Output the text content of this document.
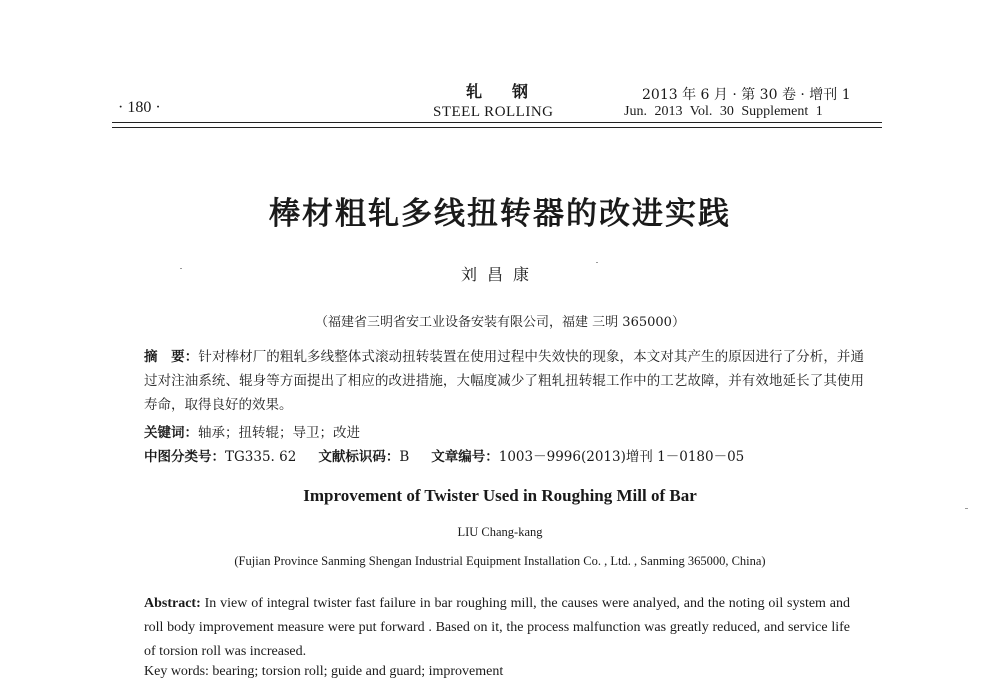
· 180 ·
轧钢
STEEL ROLLING
2013 年 6 月 · 第 30 卷 · 增刊 1
Jun. 2013 Vol. 30 Supplement 1
棒材粗轧多线扭转器的改进实践
刘昌康
（福建省三明省安工业设备安装有限公司，福建 三明 365000）
摘　要：针对棒材厂的粗轧多线整体式滚动扭转装置在使用过程中失效快的现象，本文对其产生的原因进行了分析，并通过对注油系统、辊身等方面提出了相应的改进措施，大幅度减少了粗轧扭转辊工作中的工艺故障，并有效地延长了其使用寿命，取得良好的效果。
关键词：轴承；扭转辊；导卫；改进
中图分类号：TG335. 62 文献标识码：B 文章编号：1003－9996(2013)增刊 1－0180－05
Improvement of Twister Used in Roughing Mill of Bar
LIU Chang-kang
(Fujian Province Sanming Shengan Industrial Equipment Installation Co. , Ltd. , Sanming 365000, China)
Abstract: In view of integral twister fast failure in bar roughing mill, the causes were analyed, and the noting oil system and roll body improvement measure were put forward . Based on it, the process malfunction was greatly reduced, and service life of torsion roll was increased.
Key words: bearing; torsion roll; guide and guard; improvement
